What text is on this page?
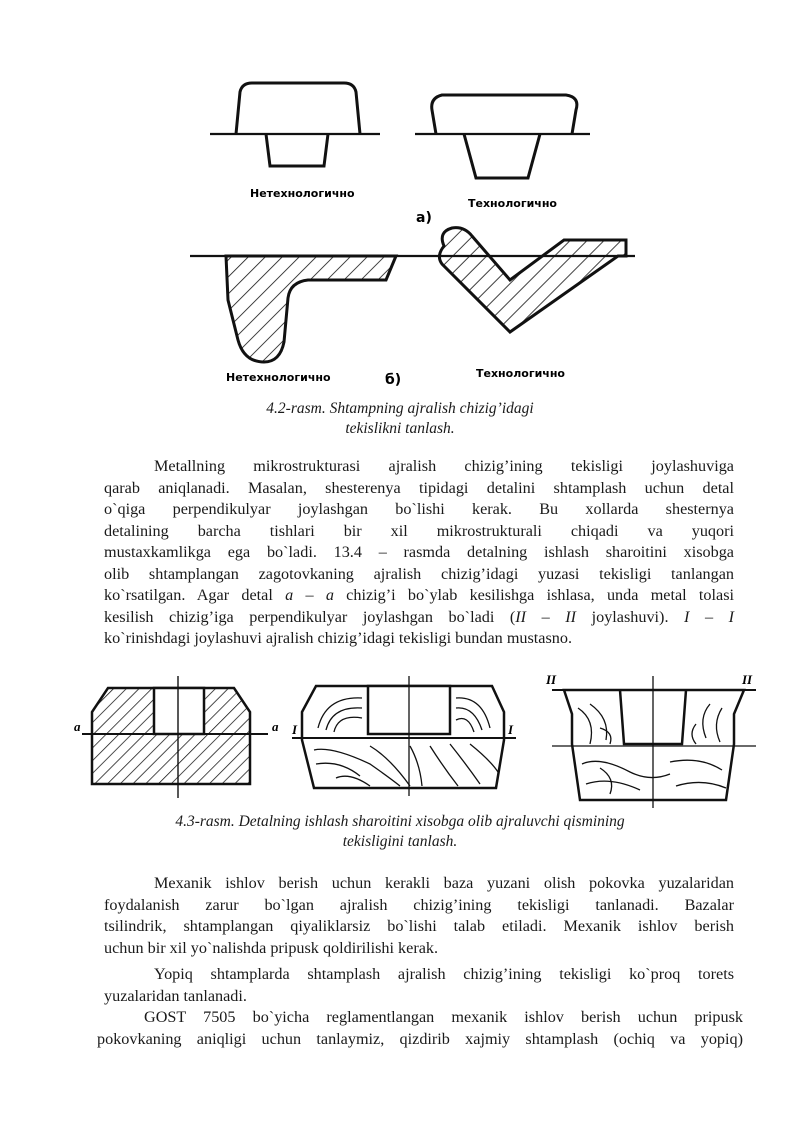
Нетехнологично
Технологично
а)
Нетехнологично	Технологично
б)
4.2-rasm. Shtampning ajralish chizig’idagi
tekislikni tanlash.
Metallning mikrostrukturasi ajralish chizig’ining tekisligi joylashuviga
qarab aniqlanadi. Masalan, shesterenya tipidagi detalini shtamplash uchun detal
o`qiga perpendikulyar joylashgan bo`lishi kerak. Bu xollarda shesternya
detalining barcha tishlari bir xil mikrostrukturali chiqadi va yuqori
mustaxkamlikga ega bo`ladi. 13.4 – rasmda detalning ishlash sharoitini xisobga
olib shtamplangan zagotovkaning ajralish chizig’idagi yuzasi tekisligi tanlangan
ko`rsatilgan. Agar detal a – a chizig’i bo`ylab kesilishga ishlasa, unda metal tolasi
kesilish chizig’iga perpendikulyar joylashgan bo`ladi (II – II joylashuvi). I – I
ko`rinishdagi joylashuvi ajralish chizig’idagi tekisligi bundan mustasno.
a	a I	I
II	II
4.3-rasm. Detalning ishlash sharoitini xisobga olib ajraluvchi qismining
tekisligini tanlash.
Mexanik ishlov berish uchun kerakli baza yuzani olish pokovka yuzalaridan
foydalanish zarur bo`lgan ajralish chizig’ining tekisligi tanlanadi. Bazalar
tsilindrik, shtamplangan qiyaliklarsiz bo`lishi talab etiladi. Mexanik ishlov berish
uchun bir xil yo`nalishda pripusk qoldirilishi kerak.
Yopiq shtamplarda shtamplash ajralish chizig’ining tekisligi ko`proq torets
yuzalaridan tanlanadi.
GOST 7505 bo`yicha reglamentlangan mexanik ishlov berish uchun pripusk
pokovkaning aniqligi uchun tanlaymiz, qizdirib xajmiy shtamplash (ochiq va yopiq)
